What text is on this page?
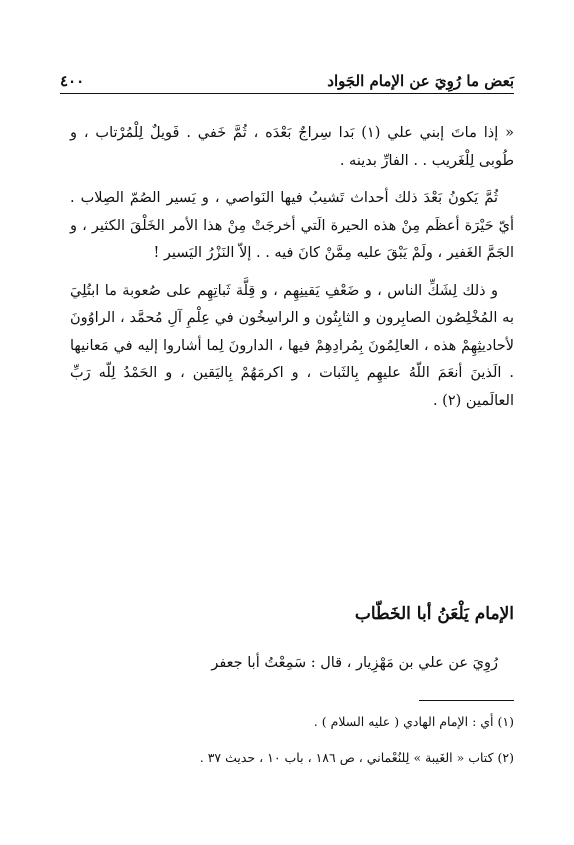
بَعض ما رُوِيَ عن الإمام الجَواد
٤٠٠

« إذا ماتَ إبني علي (١) بَدا سِراجٌ بَعْدَه ، ثُمَّ خَفي . فَويلٌ لِلْمُرْتاب ، و طُوبى لِلْغَريب . . الفارِّ بدينه .

ثُمَّ يَكونُ بَعْدَ ذلك أحداث تَشيبُ فيها النَواصي ، و يَسير الصُمّ الصِلاب . أيّ حَيْرَة أعظَم مِنْ هذه الحيرة الَتي أخرجَتْ مِنْ هذا الأمر الخَلْقَ الكثير ، و الجَمَّ الغَفير ، ولَمْ يَبْقَ عليه مِمَّنْ كانَ فيه . . إلاّ النَزْرُ اليَسير !

و ذلك لِشَكِّ الناس ، و ضَعْفِ يَقينِهِم ، و قِلَّة ثَباتِهِم على صُعوبة ما ابتُلِيَ به المُخْلِصُون الصابِرون و الثابِتُون و الراسِخُون في عِلْمِ آلِ مُحمَّد ، الراوُونَ لأحاديثِهِمْ هذه ، العالِمُونَ بِمُرادِهِمْ فيها ، الدارونَ لِما أشاروا إليه في مَعانيها . الَذينَ أنعَمَ اللّهُ عليهِم بِالثَبات ، و اكرمَهُمْ بِاليَقين ، و الحَمْدُ لِلّه رَبِّ العالَمين (٢) .

الإمام يَلْعَنُ أبا الخَطّاب
رُوِيَ عن علي بن مَهْزِيار ، قال : سَمِعْتُ أبا جعفر
(١) أي : الإمام الهادي ( عليه السلام ) .
(٢) كتاب « الغَيبة » لِلنُعْماني ، ص ١٨٦ ، باب ١٠ ، حديث ٣٧ .
